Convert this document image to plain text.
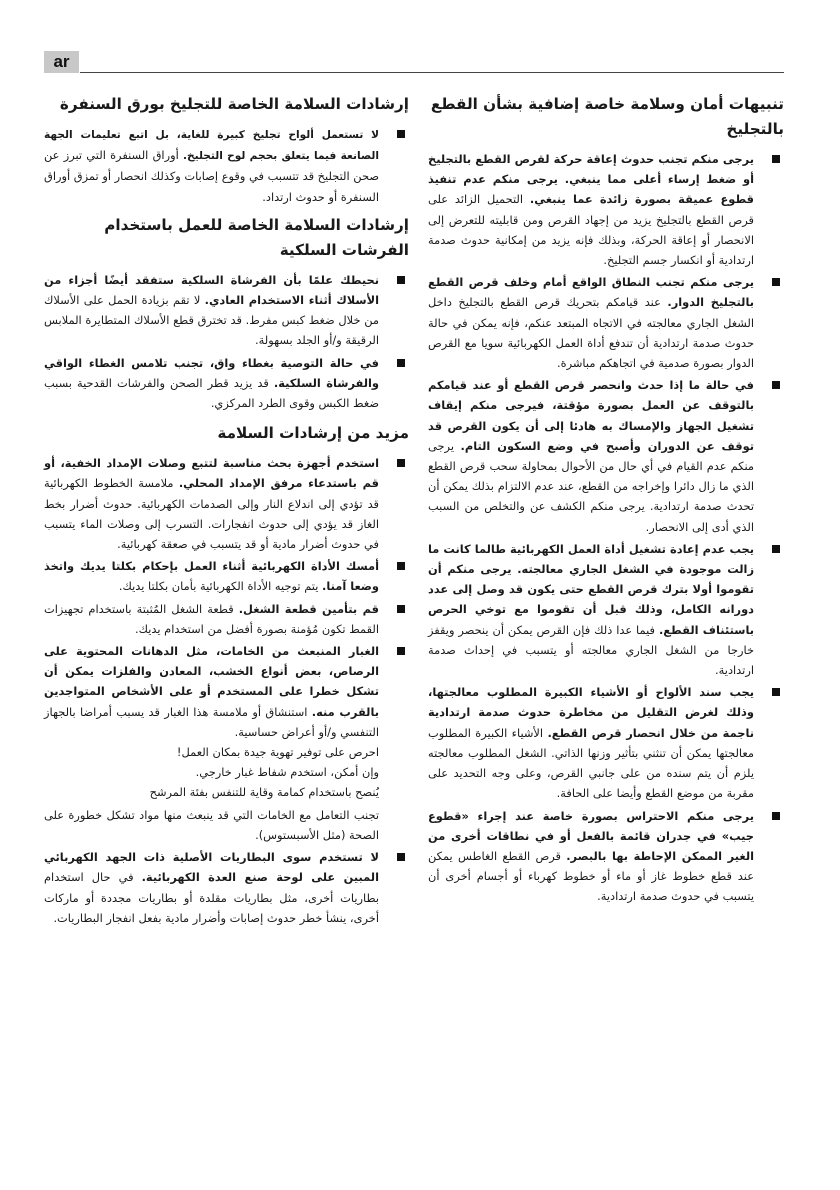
ar
تنبيهات أمان وسلامة خاصة إضافية بشأن القطع بالتجليخ
يرجى منكم تجنب حدوث إعاقة حركة لقرص القطع بالتجليخ أو ضغط إرساء أعلى مما ينبغي. يرجى منكم عدم تنفيذ قطوع عميقة بصورة زائدة عما ينبغي. التحميل الزائد على قرص القطع بالتجليخ يزيد من إجهاد القرص ومن قابليته للتعرض إلى الانحصار أو إعاقة الحركة، وبذلك فإنه يزيد من إمكانية حدوث صدمة ارتدادية أو انكسار جسم التجليخ.
يرجى منكم تجنب النطاق الواقع أمام وخلف قرص القطع بالتجليخ الدوار. عند قيامكم بتحريك قرص القطع بالتجليخ داخل الشغل الجاري معالجته في الاتجاه المبتعد عنكم، فإنه يمكن في حالة حدوث صدمة ارتدادية أن تندفع أداة العمل الكهربائية سويا مع القرص الدوار بصورة صدمية في اتجاهكم مباشرة.
في حالة ما إذا حدث وانحصر قرص القطع أو عند قيامكم بالتوقف عن العمل بصورة مؤقتة، فيرجى منكم إيقاف تشغيل الجهاز والإمساك به هادئا إلى أن يكون القرص قد توقف عن الدوران وأصبح في وضع السكون التام. يرجى منكم عدم القيام في أي حال من الأحوال بمحاولة سحب قرص القطع الذي ما زال دائرا وإخراجه من القطع، عند عدم الالتزام بذلك يمكن أن تحدث صدمة ارتدادية. يرجى منكم الكشف عن والتخلص من السبب الذي أدى إلى الانحصار.
يجب عدم إعادة تشغيل أداة العمل الكهربائية طالما كانت ما زالت موجودة في الشغل الجاري معالجته. يرجى منكم أن تقوموا أولا بترك قرص القطع حتى يكون قد وصل إلى عدد دورانه الكامل، وذلك قبل أن تقوموا مع توخي الحرص باستئناف القطع. فيما عدا ذلك فإن القرص يمكن أن ينحصر ويقفز خارجا من الشغل الجاري معالجته أو يتسبب في إحداث صدمة ارتدادية.
يجب سند الألواح أو الأشياء الكبيرة المطلوب معالجتها، وذلك لغرض التقليل من مخاطرة حدوث صدمة ارتدادية ناجمة من خلال انحصار قرص القطع. الأشياء الكبيرة المطلوب معالجتها يمكن أن تنثني بتأثير وزنها الذاتي. الشغل المطلوب معالجته يلزم أن يتم سنده من على جانبي القرص، وعلى وجه التحديد على مقربة من موضع القطع وأيضا على الحافة.
يرجى منكم الاحتراس بصورة خاصة عند إجراء «قطوع جيب» في جدران قائمة بالفعل أو في نطاقات أخرى من الغير الممكن الإحاطة بها بالبصر. قرص القطع الغاطس يمكن عند قطع خطوط غاز أو ماء أو خطوط كهرباء أو أجسام أخرى أن يتسبب في حدوث صدمة ارتدادية.
إرشادات السلامة الخاصة للتجليخ بورق السنفرة
لا تستعمل ألواح تجليخ كبيرة للغاية، بل اتبع تعليمات الجهة الصانعة فيما يتعلق بحجم لوح التجليخ. أوراق السنفرة التي تبرز عن صحن التجليخ قد تتسبب في وقوع إصابات وكذلك انحصار أو تمزق أوراق السنفرة أو حدوث ارتداد.
إرشادات السلامة الخاصة للعمل باستخدام الفرشات السلكية
نحيطك علمًا بأن الفرشاة السلكية ستفقد أيضًا أجزاء من الأسلاك أثناء الاستخدام العادي. لا تقم بزيادة الحمل على الأسلاك من خلال ضغط كبس مفرط. قد تخترق قطع الأسلاك المتطايرة الملابس الرقيقة و/أو الجلد بسهولة.
في حالة التوصية بغطاء واق، تجنب تلامس الغطاء الواقي والفرشاة السلكية. قد يزيد قطر الصحن والفرشات القدحية بسبب ضغط الكبس وقوى الطرد المركزي.
مزيد من إرشادات السلامة
استخدم أجهزة بحث مناسبة لتتبع وصلات الإمداد الخفية، أو قم باستدعاء مرفق الإمداد المحلي. ملامسة الخطوط الكهربائية قد تؤدي إلى اندلاع النار وإلى الصدمات الكهربائية. حدوث أضرار بخط الغاز قد يؤدي إلى حدوث انفجارات. التسرب إلى وصلات الماء يتسبب في حدوث أضرار مادية أو قد يتسبب في صعقة كهربائية.
أمسك الأداة الكهربائية أثناء العمل بإحكام بكلتا يديك واتخذ وضعا آمنا. يتم توجيه الأداة الكهربائية بأمان بكلتا يديك.
قم بتأمين قطعة الشغل. قطعة الشغل المُثبتة باستخدام تجهيزات القمط تكون مُؤمنة بصورة أفضل من استخدام يديك.
الغبار المنبعث من الخامات، مثل الدهانات المحتوية على الرصاص، بعض أنواع الخشب، المعادن والفلزات يمكن أن تشكل خطرا على المستخدم أو على الأشخاص المتواجدين بالقرب منه. استنشاق أو ملامسة هذا الغبار قد يسبب أمراضا بالجهاز التنفسي و/أو أعراض حساسية.

احرص على توفير تهوية جيدة بمكان العمل!

وإن أمكن، استخدم شفاط غبار خارجي.

يُنصح باستخدام كمامة وقاية للتنفس بفئة المرشح

تجنب التعامل مع الخامات التي قد ينبعث منها مواد تشكل خطورة على الصحة (مثل الأسبستوس).
لا تستخدم سوى البطاريات الأصلية ذات الجهد الكهربائي المبين على لوحة صنع العدة الكهربائية. في حال استخدام بطاريات أخرى، مثل بطاريات مقلدة أو بطاريات مجددة أو ماركات أخرى، ينشأ خطر حدوث إصابات وأضرار مادية بفعل انفجار البطاريات.
